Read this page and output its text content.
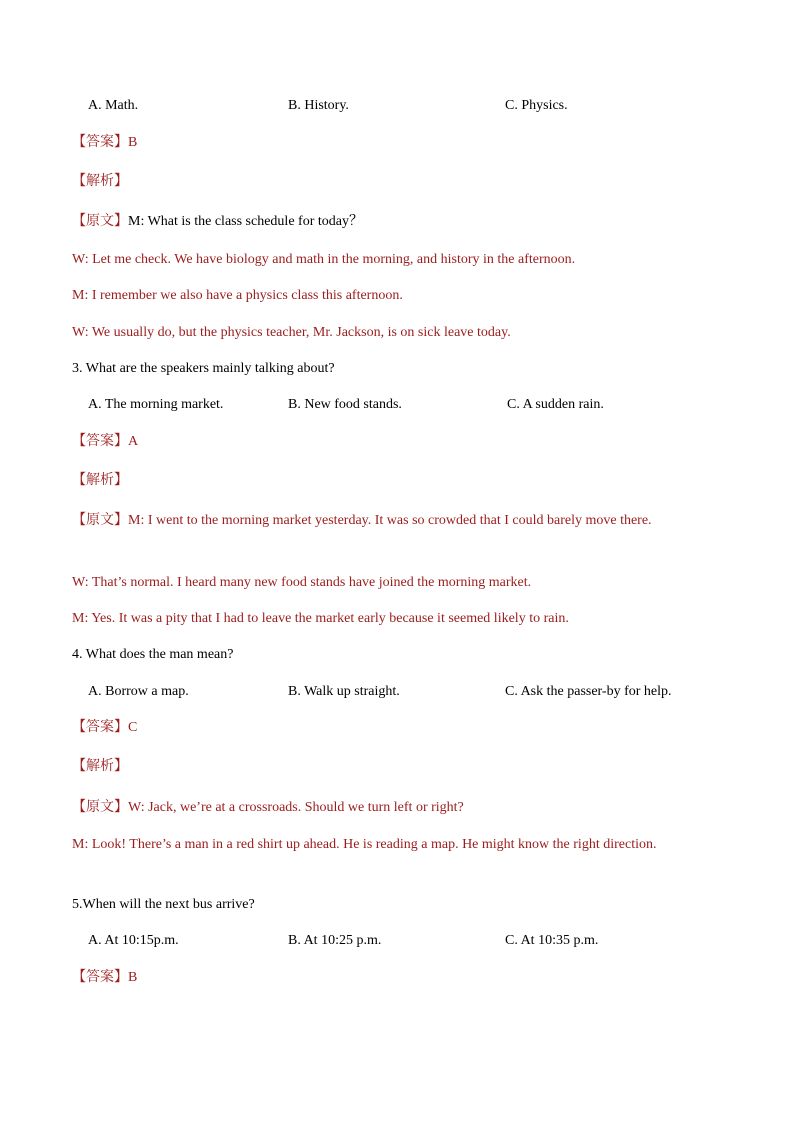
A. Math.	B. History.	C. Physics.
【答案】B
【解析】
【原文】M: What is the class schedule for today？
W: Let me check. We have biology and math in the morning, and history in the afternoon.
M: I remember we also have a physics class this afternoon.
W: We usually do, but the physics teacher, Mr. Jackson, is on sick leave today.
3. What are the speakers mainly talking about?
A. The morning market.	B. New food stands.	C. A sudden rain.
【答案】A
【解析】
【原文】M: I went to the morning market yesterday. It was so crowded that I could barely move there.
W: That’s normal. I heard many new food stands have joined the morning market.
M: Yes. It was a pity that I had to leave the market early because it seemed likely to rain.
4. What does the man mean?
A. Borrow a map.	B. Walk up straight.	C. Ask the passer-by for help.
【答案】C
【解析】
【原文】W: Jack, we’re at a crossroads. Should we turn left or right?
M: Look! There’s a man in a red shirt up ahead. He is reading a map. He might know the right direction.
5.When will the next bus arrive?
A. At 10:15p.m.	B. At 10:25 p.m.	C. At 10:35 p.m.
【答案】B
